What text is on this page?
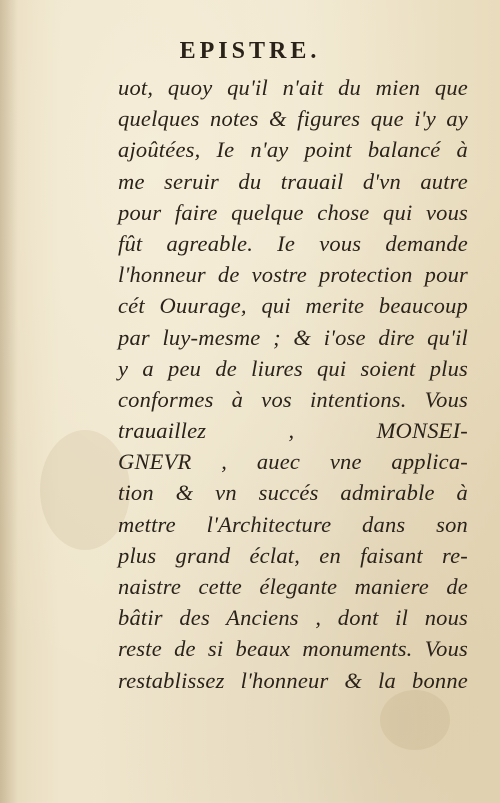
EPISTRE.
uot, quoy qu'il n'ait du mien que
quelques notes & figures que i'y ay
ajoûtées, Ie n'ay point balancé à
me seruir du trauail d'vn autre
pour faire quelque chose qui vous
fût agreable. Ie vous demande
l'honneur de vostre protection pour
cét Ouurage, qui merite beaucoup
par luy-mesme ; & i'ose dire qu'il
y a peu de liures qui soient plus
conformes à vos intentions. Vous
trauaillez , MONSEI-
GNEVR , auec vne applica-
tion & vn succés admirable à
mettre l'Architecture dans son
plus grand éclat, en faisant re-
naistre cette élegante maniere de
bâtir des Anciens , dont il nous
reste de si beaux monuments. Vous
restablissez l'honneur & la bonne
